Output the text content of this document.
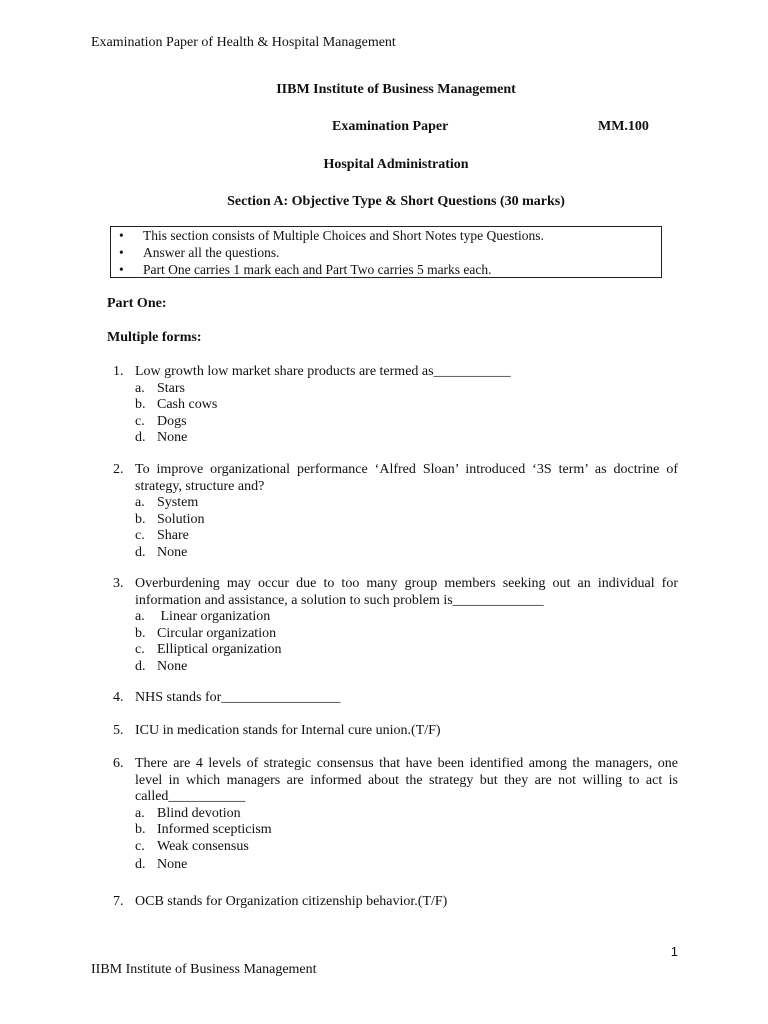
Examination Paper of Health & Hospital Management
IIBM Institute of Business Management
Examination Paper	MM.100
Hospital Administration
Section A: Objective Type & Short Questions (30 marks)
• This section consists of Multiple Choices and Short Notes type Questions.
• Answer all the questions.
• Part One carries 1 mark each and Part Two carries 5 marks each.
Part One:
Multiple forms:
1. Low growth low market share products are termed as___________
a. Stars
b. Cash cows
c. Dogs
d. None
2. To improve organizational performance ‘Alfred Sloan’ introduced ‘3S term’ as doctrine of strategy, structure and?
a. System
b. Solution
c. Share
d. None
3. Overburdening may occur due to too many group members seeking out an individual for information and assistance, a solution to such problem is_____________
a. Linear organization
b. Circular organization
c. Elliptical organization
d. None
4. NHS stands for_________________
5. ICU in medication stands for Internal cure union.(T/F)
6. There are 4 levels of strategic consensus that have been identified among the managers, one level in which managers are informed about the strategy but they are not willing to act is called___________
a. Blind devotion
b. Informed scepticism
c. Weak consensus
d. None
7. OCB stands for Organization citizenship behavior.(T/F)
1
IIBM Institute of Business Management
